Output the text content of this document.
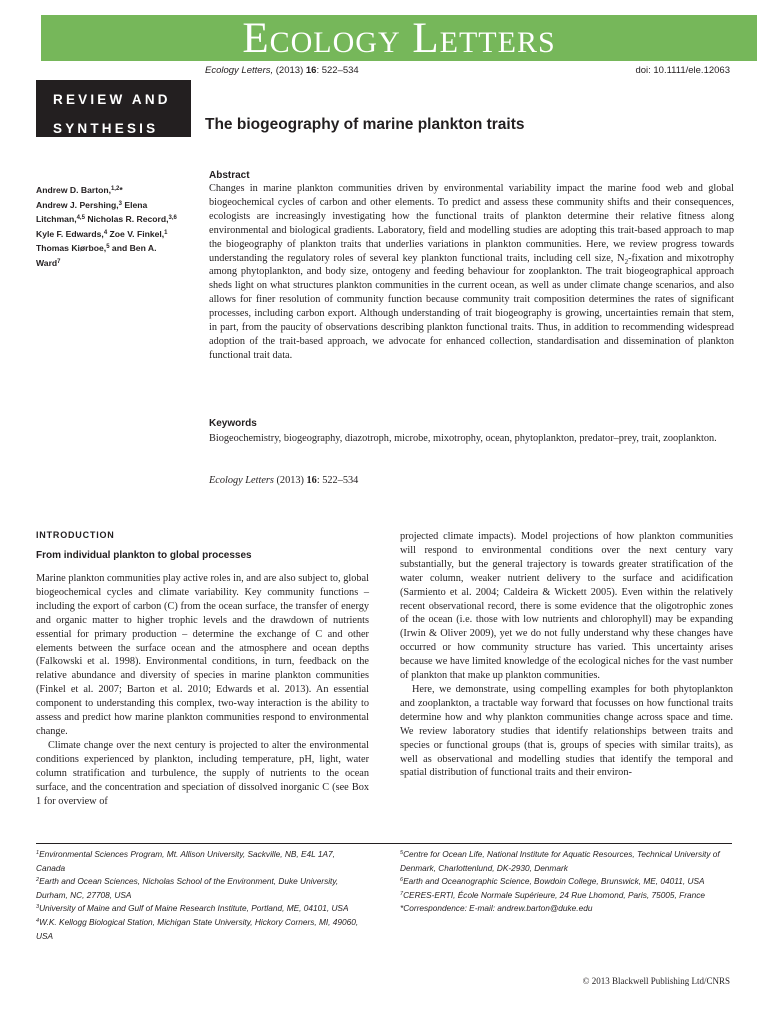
Ecology Letters
Ecology Letters, (2013) 16: 522–534	doi: 10.1111/ele.12063
REVIEW AND
SYNTHESIS	The biogeography of marine plankton traits
Andrew D. Barton,$^{1,2}$*
Andrew J. Pershing,$^3$ Elena
Litchman,$^{4,5}$ Nicholas R. Record,$^{3,6}$
Kyle F. Edwards,$^4$ Zoe V. Finkel,$^1$
Thomas Kiørboe,$^5$ and Ben A.
Ward$^7$
Abstract
Changes in marine plankton communities driven by environmental variability impact the marine food web and global biogeochemical cycles of carbon and other elements. To predict and assess these community shifts and their consequences, ecologists are increasingly investigating how the functional traits of plankton determine their relative fitness along environmental and biological gradients. Laboratory, field and modelling studies are adopting this trait-based approach to map the biogeography of plankton traits that underlies variations in plankton communities. Here, we review progress towards understanding the regulatory roles of several key plankton functional traits, including cell size, $N_2$-fixation and mixotrophy among phytoplankton, and body size, ontogeny and feeding behaviour for zooplankton. The trait biogeographical approach sheds light on what structures plankton communities in the current ocean, as well as under climate change scenarios, and also allows for finer resolution of community function because community trait composition determines the rates of significant processes, including carbon export. Although understanding of trait biogeography is growing, uncertainties remain that stem, in part, from the paucity of observations describing plankton functional traits. Thus, in addition to recommending widespread adoption of the trait-based approach, we advocate for enhanced collection, standardisation and dissemination of plankton functional trait data.
Keywords
Biogeochemistry, biogeography, diazotroph, microbe, mixotrophy, ocean, phytoplankton, predator–prey, trait, zooplankton.
Ecology Letters (2013) 16: 522–534
INTRODUCTION
From individual plankton to global processes

Marine plankton communities play active roles in, and are also subject to, global biogeochemical cycles and climate variability. Key community functions – including the export of carbon (C) from the ocean surface, the transfer of energy and organic matter to higher trophic levels and the drawdown of nutrients essential for primary production – determine the exchange of C and other elements between the surface ocean and the atmosphere and ocean depths (Falkowski et al. 1998). Environmental conditions, in turn, feedback on the relative abundance and diversity of species in marine plankton communities (Finkel et al. 2007; Barton et al. 2010; Edwards et al. 2013). An essential component to understanding this complex, two-way interaction is the ability to assess and predict how marine plankton communities respond to environmental change.

Climate change over the next century is projected to alter the environmental conditions experienced by plankton, including temperature, pH, light, water column stratification and turbulence, the supply of nutrients to the ocean surface, and the concentration and speciation of dissolved inorganic C (see Box 1 for overview of

projected climate impacts). Model projections of how plankton communities will respond to environmental conditions over the next century vary substantially, but the general trajectory is towards greater stratification of the water column, weaker nutrient delivery to the surface and acidification (Sarmiento et al. 2004; Caldeira & Wickett 2005). Even within the relatively recent observational record, there is some evidence that the oligotrophic zones of the ocean (i.e. those with low nutrients and chlorophyll) may be expanding (Irwin & Oliver 2009), yet we do not fully understand why these changes have occurred or how community structure has varied. This uncertainty arises because we have limited knowledge of the ecological niches for the vast number of plankton that make up plankton communities.

Here, we demonstrate, using compelling examples for both phytoplankton and zooplankton, a tractable way forward that focusses on how functional traits determine how and why plankton communities change across space and time. We review laboratory studies that identify relationships between traits and species or functional groups (that is, groups of species with similar traits), as well as observational and modelling studies that identify the temporal and spatial distribution of functional traits and their environ-

$^1$Environmental Sciences Program, Mt. Allison University, Sackville, NB, E4L 1A7, Canada
$^2$Earth and Ocean Sciences, Nicholas School of the Environment, Duke University, Durham, NC, 27708, USA
$^3$University of Maine and Gulf of Maine Research Institute, Portland, ME, 04101, USA
$^4$W.K. Kellogg Biological Station, Michigan State University, Hickory Corners, MI, 49060, USA
$^5$Centre for Ocean Life, National Institute for Aquatic Resources, Technical University of Denmark, Charlottenlund, DK-2930, Denmark
$^6$Earth and Oceanographic Science, Bowdoin College, Brunswick, ME, 04011, USA
$^7$CERES-ERTI, École Normale Supérieure, 24 Rue Lhomond, Paris, 75005, France
*Correspondence: E-mail: andrew.barton@duke.edu
© 2013 Blackwell Publishing Ltd/CNRS
